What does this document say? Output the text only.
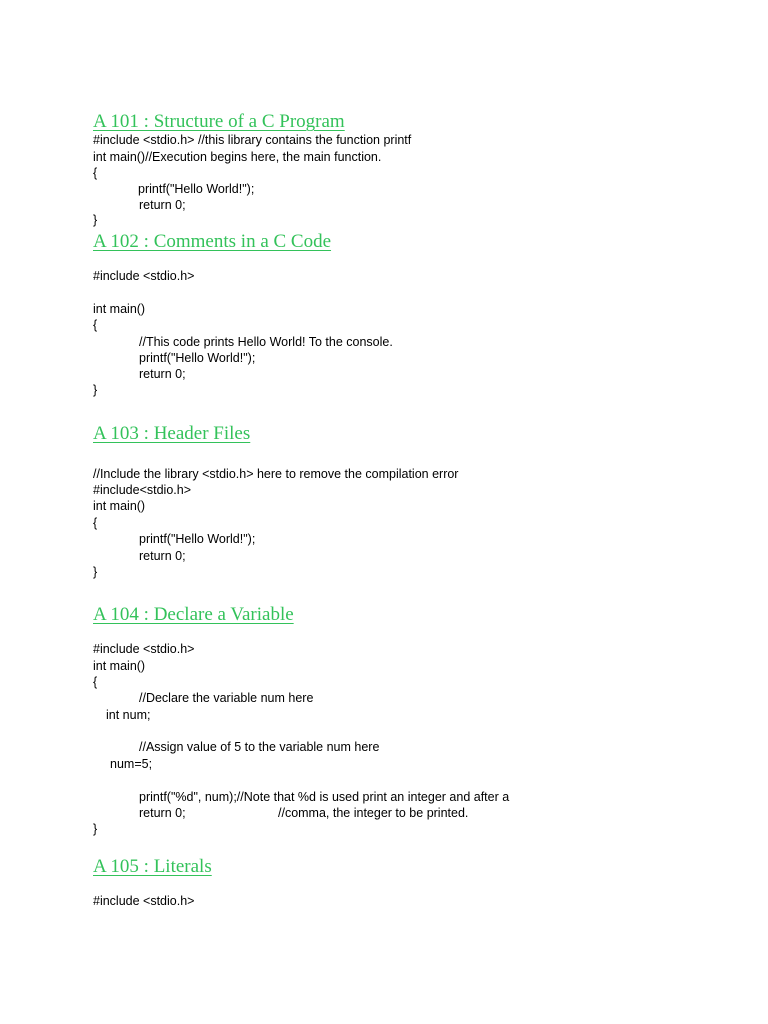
A 101 : Structure of a C Program

#include <stdio.h> //this library contains the function printf

int main()//Execution begins here, the main function.

{

printf("Hello World!");

return 0;

}

A 102 : Comments in a C Code

#include <stdio.h>

int main()

{

//This code prints Hello World! To the console.

printf("Hello World!");

return 0;

}

A 103 : Header Files

//Include the library <stdio.h> here to remove the compilation error

#include<stdio.h>

int main()

{

printf("Hello World!");

return 0;

}

A 104 : Declare a Variable

#include <stdio.h>

int main()

{

//Declare the variable num here

int num;

//Assign value of 5 to the variable num here

num=5;

printf("%d", num);//Note that %d is used print an integer and after a

return 0;	//comma, the integer to be printed.

}

A 105 : Literals

#include <stdio.h>
